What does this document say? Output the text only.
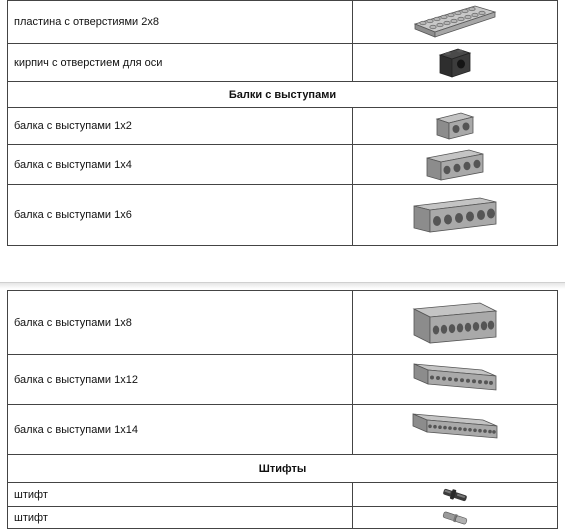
пластина с отверстиями 2х8
кирпич с отверстием для оси
Балки с выступами
балка с выступами 1х2
балка с выступами 1х4
балка с выступами 1х6
балка с выступами 1х8
балка с выступами 1х12
балка с выступами 1х14
Штифты
штифт
штифт
